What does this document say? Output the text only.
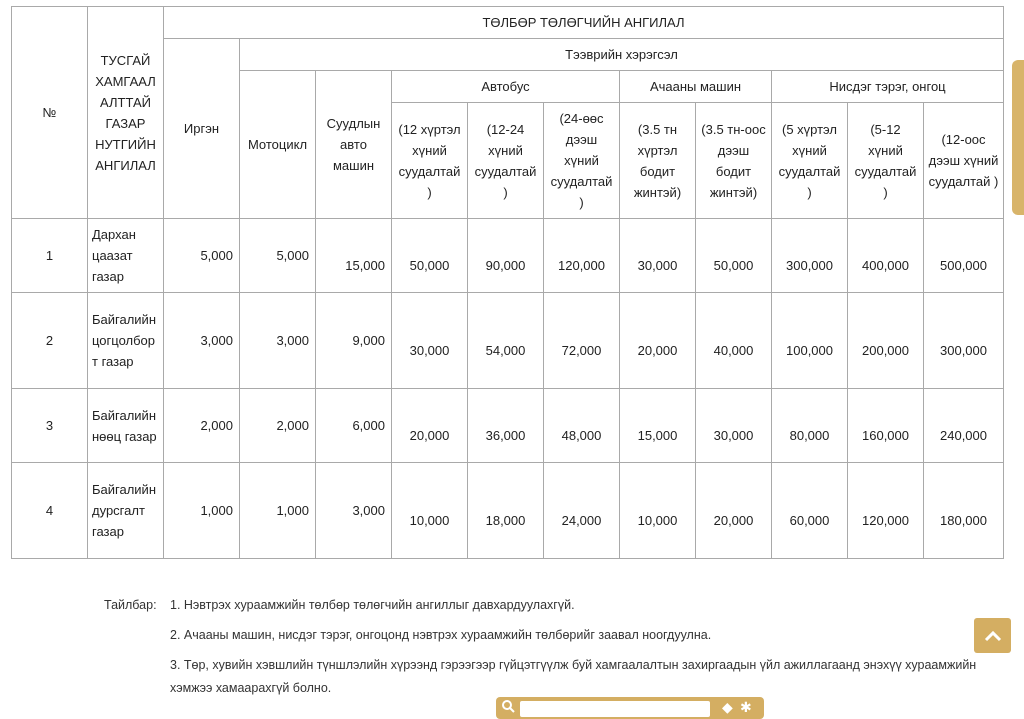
№	ТУСГАЙ ХАМГААЛАЛТТАЙ ГАЗАР НУТГИЙН АНГИЛАЛ	ТӨЛБӨР ТӨЛӨГЧИЙН АНГИЛАЛ										
		Иргэн	Тээврийн хэрэгсэл									
			Мотоцикл	Суудлын авто машин	Автобус			Ачааны машин		Нисдэг тэрэг, онгоц		
					(12 хүртэл хүний суудалтай )	(12-24 хүний суудалтай )	(24-өөс дээш хүний суудалтай )	(3.5 тн хүртэл бодит жинтэй)	(3.5 тн-оос дээш бодит жинтэй)	(5 хүртэл хүний суудалтай )	(5-12 хүний суудалтай )	(12-оос дээш хүний суудалтай )
1	Дархан цаазат газар	5,000	5,000	15,000	50,000	90,000	120,000	30,000	50,000	300,000	400,000	500,000
2	Байгалийн цогцолборт газар	3,000	3,000	9,000	30,000	54,000	72,000	20,000	40,000	100,000	200,000	300,000
3	Байгалийн нөөц газар	2,000	2,000	6,000	20,000	36,000	48,000	15,000	30,000	80,000	160,000	240,000
4	Байгалийн дурсгалт газар	1,000	1,000	3,000	10,000	18,000	24,000	10,000	20,000	60,000	120,000	180,000
Тайлбар: 1. Нэвтрэх хураамжийн төлбөр төлөгчийн ангиллыг давхардуулахгүй.
2. Ачааны машин, нисдэг тэрэг, онгоцонд нэвтрэх хураамжийн төлбөрийг заавал ноогдуулна.
3. Төр, хувийн хэвшлийн түншлэлийн хүрээнд гэрээгээр гүйцэтгүүлж буй хамгаалалтын захиргаадын үйл ажиллагаанд энэхүү хураамжийн хэмжээ хамаарахгүй болно.
◆ ✱
